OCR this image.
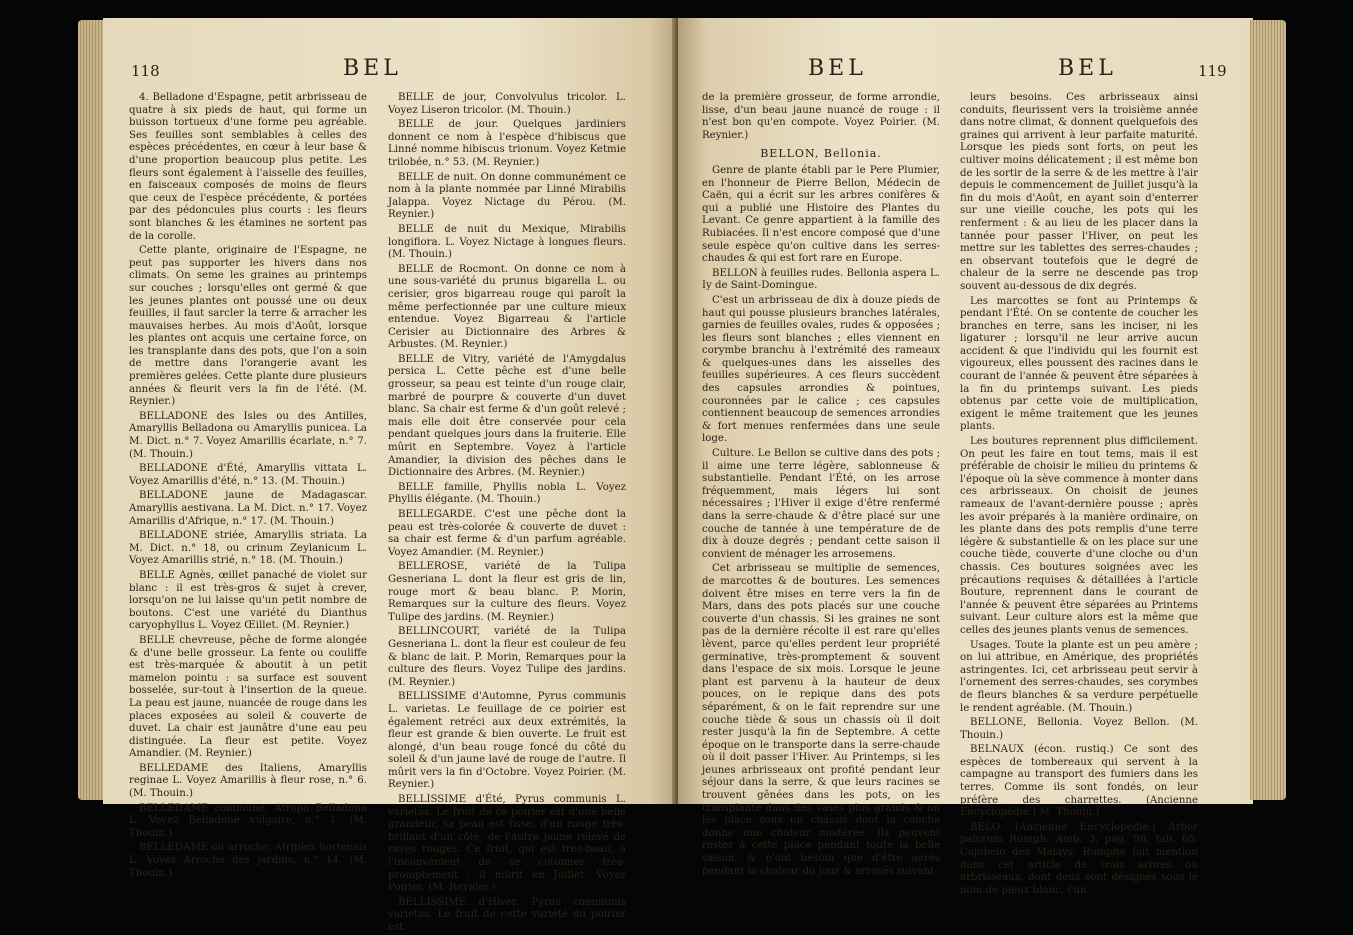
118	BEL

4. Belladone d'Espagne, petit arbrisseau de quatre à six pieds de haut, qui forme un buisson tortueux d'une forme peu agréable. Ses feuilles sont semblables à celles des espèces précédentes, en cœur à leur base & d'une proportion beaucoup plus petite. Les fleurs sont également à l'aisselle des feuilles, en faisceaux composés de moins de fleurs que ceux de l'espèce précédente, & portées par des pédoncules plus courts : les fleurs sont blanches & les étamines ne sortent pas de la corolle.

Cette plante, originaire de l'Espagne, ne peut pas supporter les hivers dans nos climats. On seme les graines au printemps sur couches ; lorsqu'elles ont germé & que les jeunes plantes ont poussé une ou deux feuilles, il faut sarcler la terre & arracher les mauvaises herbes. Au mois d'Août, lorsque les plantes ont acquis une certaine force, on les transplante dans des pots, que l'on a soin de mettre dans l'orangerie avant les premières gelées. Cette plante dure plusieurs années & fleurit vers la fin de l'été. (M. Reynier.)

BELLADONE des Isles ou des Antilles, Amaryllis Belladona ou Amaryllis punicea. La M. Dict. n.° 7. Voyez Amarillis écarlate, n.° 7. (M. Thouin.)

BELLADONE d'Été, Amaryllis vittata L. Voyez Amarillis d'été, n.° 13. (M. Thouin.)

BELLADONE jaune de Madagascar. Amaryllis aestivana. La M. Dict. n.° 17. Voyez Amarillis d'Afrique, n.° 17. (M. Thouin.)

BELLADONE striée, Amaryllis striata. La M. Dict. n.° 18, ou crinum Zeylanicum L. Voyez Amarillis strié, n.° 18. (M. Thouin.)

BELLE Agnès, œillet panaché de violet sur blanc : il est très-gros & sujet à crever, lorsqu'on ne lui laisse qu'un petit nombre de boutons. C'est une variété du Dianthus caryophyllus L. Voyez Œillet. (M. Reynier.)

BELLE chevreuse, pêche de forme alongée & d'une belle grosseur. La fente ou couliffe est très-marquée & aboutit à un petit mamelon pointu : sa surface est souvent bosselée, sur-tout à l'insertion de la queue. La peau est jaune, nuancée de rouge dans les places exposées au soleil & couverte de duvet. La chair est jaunâtre d'une eau peu distinguée. La fleur est petite. Voyez Amandier. (M. Reynier.)

BELLEDAME des Italiens, Amaryllis reginae L. Voyez Amarillis à fleur rose, n.° 6. (M. Thouin.)

BELLEDAME commune, Atropa Belladona L. Voyez Belladone vulgaire, n.° 1. (M. Thouin.)

BELLEDAME ou arroche, Atriplex hortensis L. Voyez Arroche des jardins, n.° 14. (M. Thouin.)

BELLE de jour, Convolvulus tricolor. L. Voyez Liseron tricolor. (M. Thouin.)

BELLE de jour. Quelques jardiniers donnent ce nom à l'espèce d'hibiscus que Linné nomme hibiscus trionum. Voyez Ketmie trilobée, n.° 53. (M. Reynier.)

BELLE de nuit. On donne communément ce nom à la plante nommée par Linné Mirabilis Jalappa. Voyez Nictage du Pérou. (M. Reynier.)

BELLE de nuit du Mexique, Mirabilis longiflora. L. Voyez Nictage à longues fleurs. (M. Thouin.)

BELLE de Rocmont. On donne ce nom à une sous-variété du prunus bigarella L. ou cerisier, gros bigarreau rouge qui paroît la même perfectionnée par une culture mieux entendue. Voyez Bigarreau & l'article Cerisier au Dictionnaire des Arbres & Arbustes. (M. Reynier.)

BELLE de Vitry, variété de l'Amygdalus persica L. Cette pêche est d'une belle grosseur, sa peau est teinte d'un rouge clair, marbré de pourpre & couverte d'un duvet blanc. Sa chair est ferme & d'un goût relevé ; mais elle doit être conservée pour cela pendant quelques jours dans la fruiterie. Elle mûrit en Septembre. Voyez à l'article Amandier, la division des pêches dans le Dictionnaire des Arbres. (M. Reynier.)

BELLE famille, Phyllis nobla L. Voyez Phyllis élégante. (M. Thouin.)

BELLEGARDE. C'est une pêche dont la peau est très-colorée & couverte de duvet : sa chair est ferme & d'un parfum agréable. Voyez Amandier. (M. Reynier.)

BELLEROSE, variété de la Tulipa Gesneriana L. dont la fleur est gris de lin, rouge mort & beau blanc. P. Morin, Remarques sur la culture des fleurs. Voyez Tulipe des jardins. (M. Reynier.)

BELLINCOURT, variété de la Tulipa Gesneriana L. dont la fleur est couleur de feu & blanc de lait. P. Morin, Remarques pour la culture des fleurs. Voyez Tulipe des jardins. (M. Reynier.)

BELLISSIME d'Automne, Pyrus communis L. varietas. Le feuillage de ce poirier est également retréci aux deux extrémités, la fleur est grande & bien ouverte. Le fruit est alongé, d'un beau rouge foncé du côté du soleil & d'un jaune lavé de rouge de l'autre. Il mûrit vers la fin d'Octobre. Voyez Poirier. (M. Reynier.)

BELLISSIME d'Été, Pyrus communis L. varietas. Le fruit de ce poirier est d'une belle grandeur, sa peau est lisse, d'un rouge très-brillant d'un côté, de l'autre jaune relevé de rayes rouges. Ce fruit, qui est très-beau, a l'inconvénient de se cotonner très-promptement : il mûrit en Juillet. Voyez Poirier. (M. Reynier.)

BELLISSIME d'Hiver. Pyrus communis varietas. Le fruit de cette variété du poirier est

BEL	BEL	119

de la première grosseur, de forme arrondie, lisse, d'un beau jaune nuancé de rouge : il n'est bon qu'en compote. Voyez Poirier. (M. Reynier.)

BELLON, Bellonia.

Genre de plante établi par le Pere Plumier, en l'honneur de Pierre Bellon, Médecin de Caën, qui a écrit sur les arbres conifères & qui a publié une Histoire des Plantes du Levant. Ce genre appartient à la famille des Rubiacées. Il n'est encore composé que d'une seule espèce qu'on cultive dans les serres-chaudes & qui est fort rare en Europe.

BELLON à feuilles rudes. Bellonia aspera L. Iy de Saint-Domingue.

C'est un arbrisseau de dix à douze pieds de haut qui pousse plusieurs branches latérales, garnies de feuilles ovales, rudes & opposées ; les fleurs sont blanches ; elles viennent en corymbe branchu à l'extrémité des rameaux & quelques-unes dans les aisselles des feuilles supérieures. A ces fleurs succèdent des capsules arrondies & pointues, couronnées par le calice ; ces capsules contiennent beaucoup de semences arrondies & fort menues renfermées dans une seule loge.

Culture. Le Bellon se cultive dans des pots ; il aime une terre légère, sablonneuse & substantielle. Pendant l'Été, on les arrose fréquemment, mais légers lui sont nécessaires ; l'Hiver il exige d'être renfermé dans la serre-chaude & d'être placé sur une couche de tannée à une température de de dix à douze degrés ; pendant cette saison il convient de ménager les arrosemens.

Cet arbrisseau se multiplie de semences, de marcottes & de boutures. Les semences doivent être mises en terre vers la fin de Mars, dans des pots placés sur une couche couverte d'un chassis. Si les graines ne sont pas de la dernière récolte il est rare qu'elles lèvent, parce qu'elles perdent leur propriété germinative, très-promptement & souvent dans l'espace de six mois. Lorsque le jeune plant est parvenu à la hauteur de deux pouces, on le repique dans des pots séparément, & on le fait reprendre sur une couche tiède & sous un chassis où il doit rester jusqu'à la fin de Septembre. A cette époque on le transporte dans la serre-chaude où il doit passer l'Hiver. Au Printemps, si les jeunes arbrisseaux ont profité pendant leur séjour dans la serre, & que leurs racines se trouvent gênées dans les pots, on les transplante dans des vases plus grands & on les place sous un chassis dont la couche donne une chaleur modérée. Ils peuvent rester à cette place pendant toute la belle saison, & n'ont besoin que d'être aérés pendant la chaleur du jour & arrosés suivant

leurs besoins. Ces arbrisseaux ainsi conduits, fleurissent vers la troisième année dans notre climat, & donnent quelquefois des graines qui arrivent à leur parfaite maturité. Lorsque les pieds sont forts, on peut les cultiver moins délicatement ; il est même bon de les sortir de la serre & de les mettre à l'air depuis le commencement de Juillet jusqu'à la fin du mois d'Août, en ayant soin d'enterrer sur une vieille couche, les pots qui les renferment : & au lieu de les placer dans la tannée pour passer l'Hiver, on peut les mettre sur les tablettes des serres-chaudes ; en observant toutefois que le degré de chaleur de la serre ne descende pas trop souvent au-dessous de dix degrés.

Les marcottes se font au Printemps & pendant l'Été. On se contente de coucher les branches en terre, sans les inciser, ni les ligaturer ; lorsqu'il ne leur arrive aucun accident & que l'individu qui les fournit est vigoureux, elles poussent des racines dans le courant de l'année & peuvent être séparées à la fin du printemps suivant. Les pieds obtenus par cette voie de multiplication, exigent le même traitement que les jeunes plants.

Les boutures reprennent plus difficilement. On peut les faire en tout tems, mais il est préférable de choisir le milieu du printems & l'époque où la sève commence à monter dans ces arbrisseaux. On choisit de jeunes rameaux de l'avant-dernière pousse ; après les avoir préparés à la manière ordinaire, on les plante dans des pots remplis d'une terre légère & substantielle & on les place sur une couche tiède, couverte d'une cloche ou d'un chassis. Ces boutures soignées avec les précautions requises & détaillées à l'article Bouture, reprennent dans le courant de l'année & peuvent être séparées au Printems suivant. Leur culture alors est la même que celles des jeunes plants venus de semences.

Usages. Toute la plante est un peu amère ; on lui attribue, en Amérique, des propriétés astringentes. Ici, cet arbrisseau peut servir à l'ornement des serres-chaudes, ses corymbes de fleurs blanches & sa verdure perpétuelle le rendent agréable. (M. Thouin.)

BELLONE, Bellonia. Voyez Bellon. (M. Thouin.)

BELNAUX (écon. rustiq.) Ce sont des espèces de tombereaux qui servent à la campagne au transport des fumiers dans les terres. Comme ils sont fondés, on leur préfère des charrettes. (Ancienne Encyclopédie.) M. Thouin.)

BELO. (Ancienne Encyclopédie.) Arbor palorum Rumph. Amb. 3, pag. 98, tab. 65. Cajubelo des Malays. Rumphe fait mention dans cet article de trois arbres ou arbrisseaux, dont deux sont désignés sous le nom de pieux blanc, l'un
